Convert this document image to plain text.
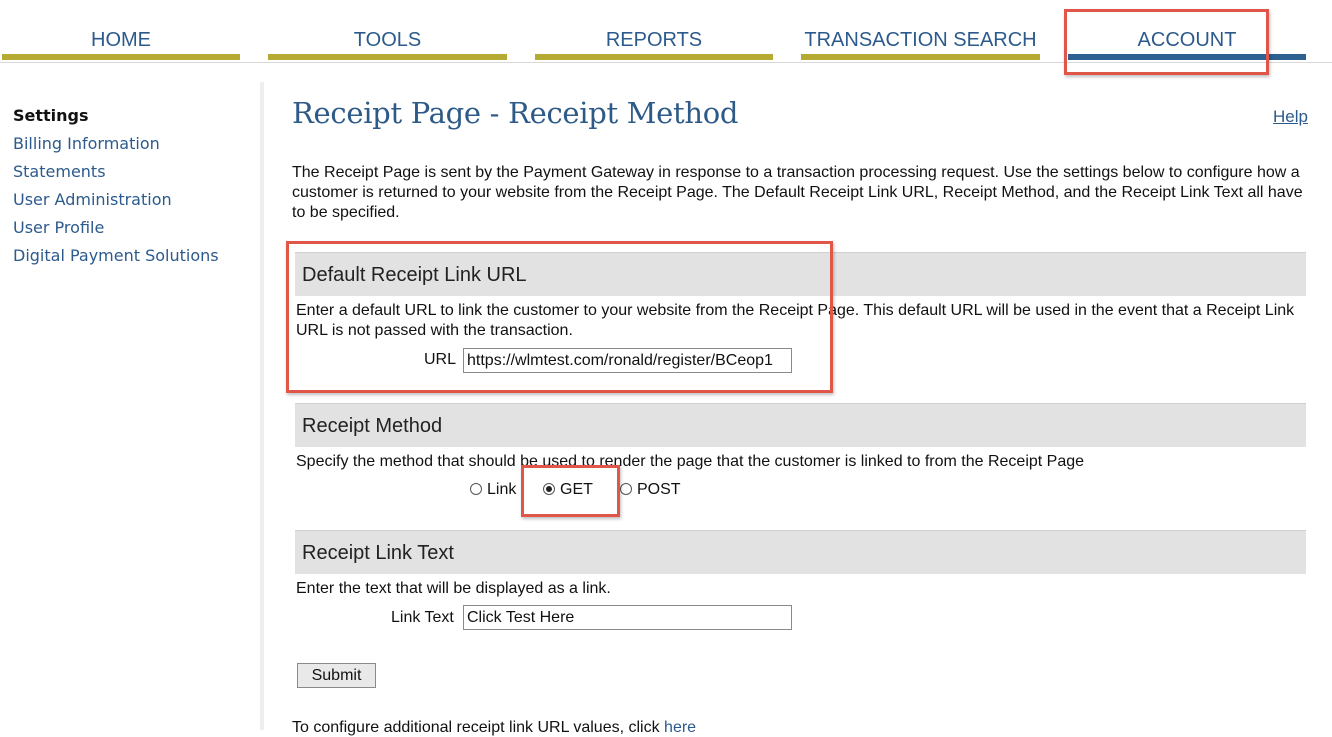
HOME	TOOLS	REPORTS	TRANSACTION SEARCH	ACCOUNT
Settings
Billing Information
Statements
User Administration
User Profile
Digital Payment Solutions
Receipt Page - Receipt Method	Help
The Receipt Page is sent by the Payment Gateway in response to a transaction processing request. Use the settings below to configure how a customer is returned to your website from the Receipt Page. The Default Receipt Link URL, Receipt Method, and the Receipt Link Text all have to be specified.
Default Receipt Link URL
Enter a default URL to link the customer to your website from the Receipt Page. This default URL will be used in the event that a Receipt Link URL is not passed with the transaction.
URL
https://wlmtest.com/ronald/register/BCeop1
Receipt Method
Specify the method that should be used to render the page that the customer is linked to from the Receipt Page
Link	GET	POST
Receipt Link Text
Enter the text that will be displayed as a link.
Link Text
Click Test Here
Submit
To configure additional receipt link URL values, click here
